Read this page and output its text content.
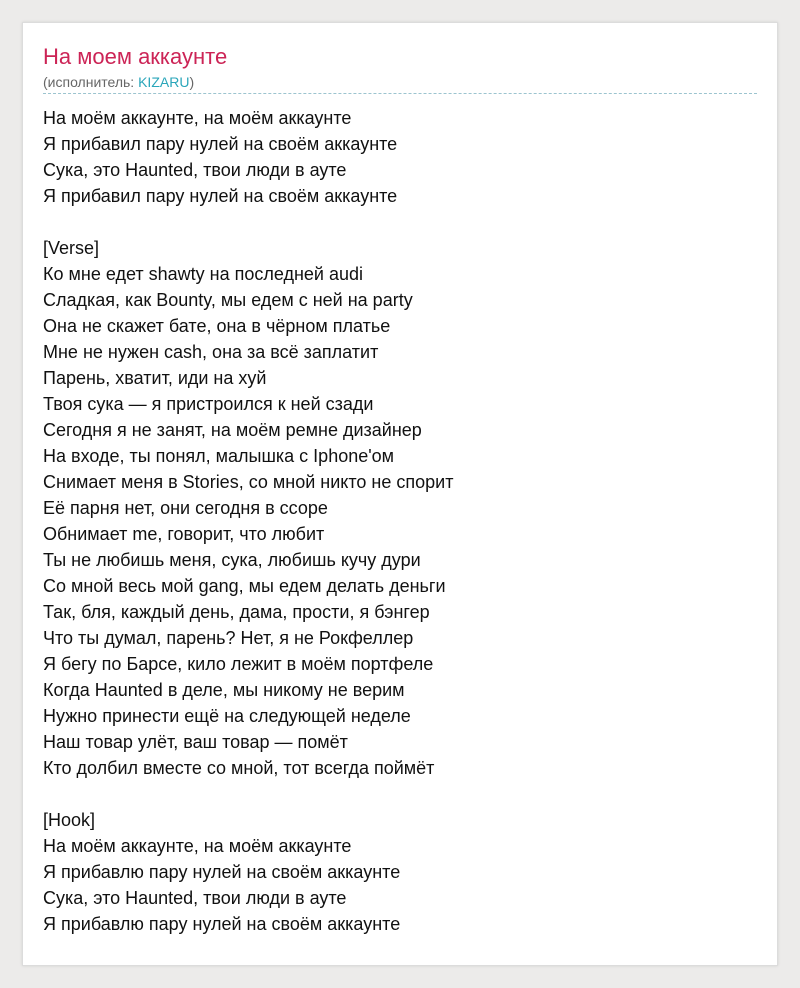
На моем аккаунте
(исполнитель: KIZARU)
На моём аккаунте, на моём аккаунте
Я прибавил пару нулей на своём аккаунте
Сука, это Haunted, твои люди в ауте
Я прибавил пару нулей на своём аккаунте
[Verse]
Ко мне едет shawty на последней audi
Сладкая, как Bounty, мы едем с ней на party
Она не скажет бате, она в чёрном платье
Мне не нужен cash, она за всё заплатит
Парень, хватит, иди на хуй
Твоя сука — я пристроился к ней сзади
Сегодня я не занят, на моём ремне дизайнер
На входе, ты понял, малышка с Iphone'ом
Снимает меня в Stories, со мной никто не спорит
Её парня нет, они сегодня в ссоре
Обнимает me, говорит, что любит
Ты не любишь меня, сука, любишь кучу дури
Со мной весь мой gang, мы едем делать деньги
Так, бля, каждый день, дама, прости, я бэнгер
Что ты думал, парень? Нет, я не Рокфеллер
Я бегу по Барсе, кило лежит в моём портфеле
Когда Haunted в деле, мы никому не верим
Нужно принести ещё на следующей неделе
Наш товар улёт, ваш товар — помёт
Кто долбил вместе со мной, тот всегда поймёт
[Hook]
На моём аккаунте, на моём аккаунте
Я прибавлю пару нулей на своём аккаунте
Сука, это Haunted, твои люди в ауте
Я прибавлю пару нулей на своём аккаунте
